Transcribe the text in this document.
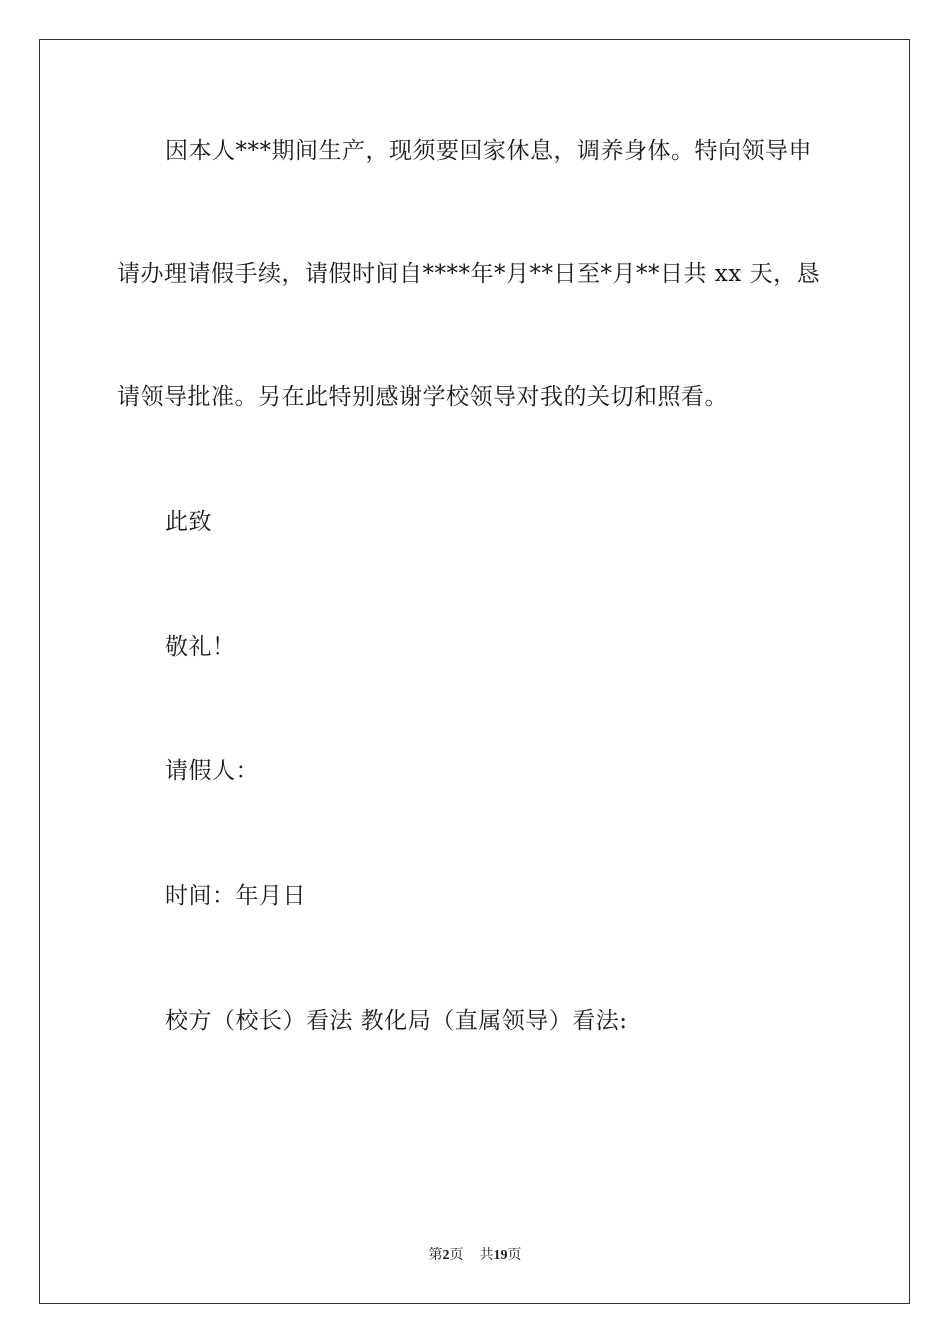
因本人***期间生产，现须要回家休息，调养身体。特向领导申
请办理请假手续，请假时间自****年*月**日至*月**日共 xx 天，恳
请领导批准。另在此特别感谢学校领导对我的关切和照看。
此致
敬礼！
请假人：
时间：年月日
校方（校长）看法 教化局（直属领导）看法:
第2页 共19页
